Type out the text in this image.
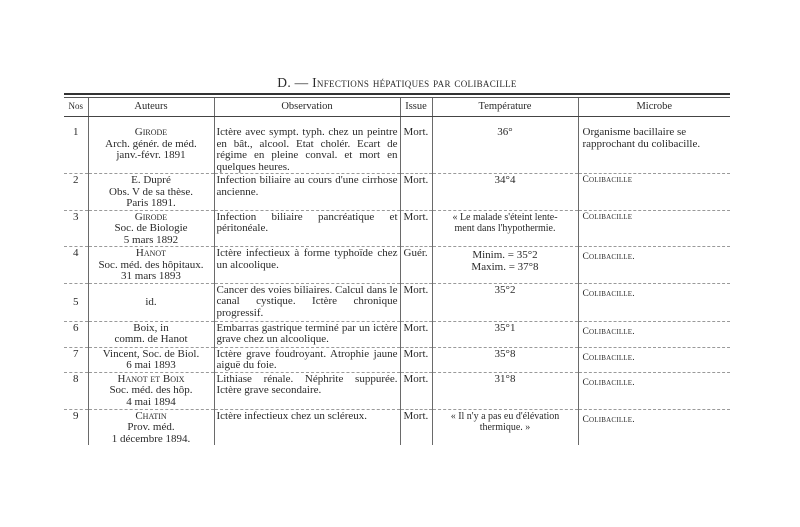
D. — Infections hépatiques par colibacille
Nos	Auteurs	Observation	Issue	Température	Microbe
1	Girode
Arch. génér. de méd.
janv.-févr. 1891	Ictère avec sympt. typh. chez un peintre en bât., alcool. Etat cholér. Ecart de régime en pleine conval. et mort en quelques heures.	Mort.	36°	Organisme bacillaire se rapprochant du colibacille.

2	E. Dupré
Obs. V de sa thèse.
Paris 1891.	Infection biliaire au cours d'une cirrhose ancienne.	Mort.	34°4	Colibacille
3	Girode
Soc. de Biologie
5 mars 1892	Infection biliaire pancréatique et péritonéale.	Mort.	« Le malade s'éteint lente-
ment dans l'hypothermie.	Colibacille
4	Hanot
Soc. méd. des hôpitaux.
31 mars 1893	Ictère infectieux à forme typhoïde chez un alcoolique.	Guér.	Minim. = 35°2
Maxim. = 37°8	Colibacille.
5	id.	Cancer des voies biliaires. Calcul dans le canal cystique. Ictère chronique progressif.	Mort.	35°2	Colibacille.
6	Boix, in
comm. de Hanot	Embarras gastrique terminé par un ictère grave chez un alcoolique.	Mort.	35°1	Colibacille.
7	Vincent, Soc. de Biol.
6 mai 1893	Ictère grave foudroyant. Atrophie jaune aiguë du foie.	Mort.	35°8	Colibacille.
8	Hanot et Boix
Soc. méd. des hôp.
4 mai 1894	Lithiase rénale. Néphrite suppurée. Ictère grave secondaire.	Mort.	31°8	Colibacille.
9	Chatin
Prov. méd.
1 décembre 1894.	Ictère infectieux chez un scléreux.	Mort.	« Il n'y a pas eu d'élévation
thermique. »	Colibacille.
